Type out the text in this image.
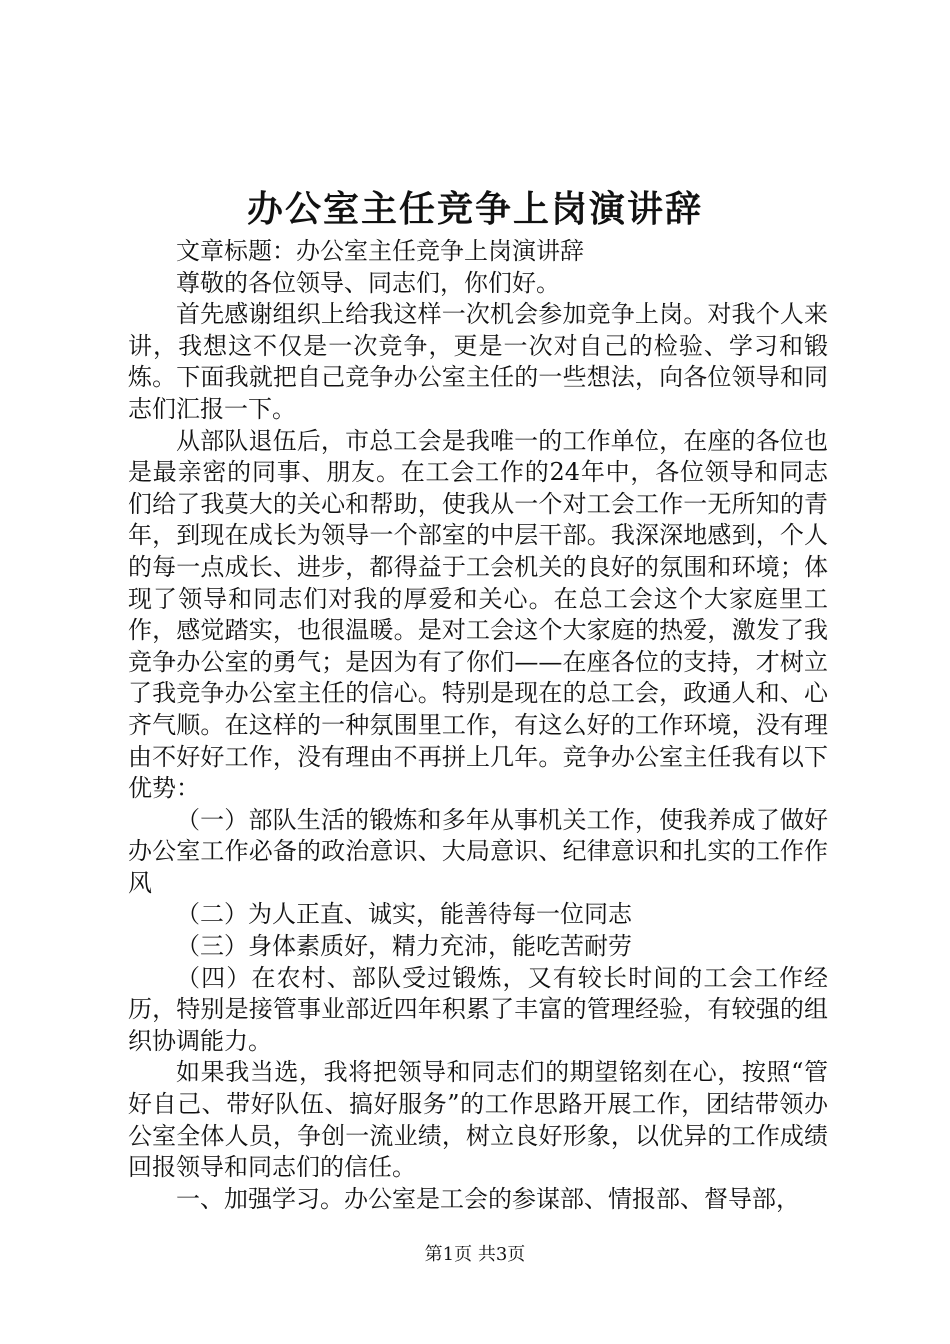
办公室主任竞争上岗演讲辞

文章标题：办公室主任竞争上岗演讲辞

尊敬的各位领导、同志们，你们好。

首先感谢组织上给我这样一次机会参加竞争上岗。对我个人来讲，我想这不仅是一次竞争，更是一次对自己的检验、学习和锻炼。下面我就把自己竞争办公室主任的一些想法，向各位领导和同志们汇报一下。

从部队退伍后，市总工会是我唯一的工作单位，在座的各位也是最亲密的同事、朋友。在工会工作的24年中，各位领导和同志们给了我莫大的关心和帮助，使我从一个对工会工作一无所知的青年，到现在成长为领导一个部室的中层干部。我深深地感到，个人的每一点成长、进步，都得益于工会机关的良好的氛围和环境；体现了领导和同志们对我的厚爱和关心。在总工会这个大家庭里工作，感觉踏实，也很温暖。是对工会这个大家庭的热爱，激发了我竞争办公室的勇气；是因为有了你们——在座各位的支持，才树立了我竞争办公室主任的信心。特别是现在的总工会，政通人和、心齐气顺。在这样的一种氛围里工作，有这么好的工作环境，没有理由不好好工作，没有理由不再拼上几年。竞争办公室主任我有以下优势：

（一）部队生活的锻炼和多年从事机关工作，使我养成了做好办公室工作必备的政治意识、大局意识、纪律意识和扎实的工作作风

（二）为人正直、诚实，能善待每一位同志

（三）身体素质好，精力充沛，能吃苦耐劳

（四）在农村、部队受过锻炼，又有较长时间的工会工作经历，特别是接管事业部近四年积累了丰富的管理经验，有较强的组织协调能力。

如果我当选，我将把领导和同志们的期望铭刻在心，按照“管好自己、带好队伍、搞好服务”的工作思路开展工作，团结带领办公室全体人员，争创一流业绩，树立良好形象，以优异的工作成绩回报领导和同志们的信任。

一、加强学习。办公室是工会的参谋部、情报部、督导部，

第1页 共3页
